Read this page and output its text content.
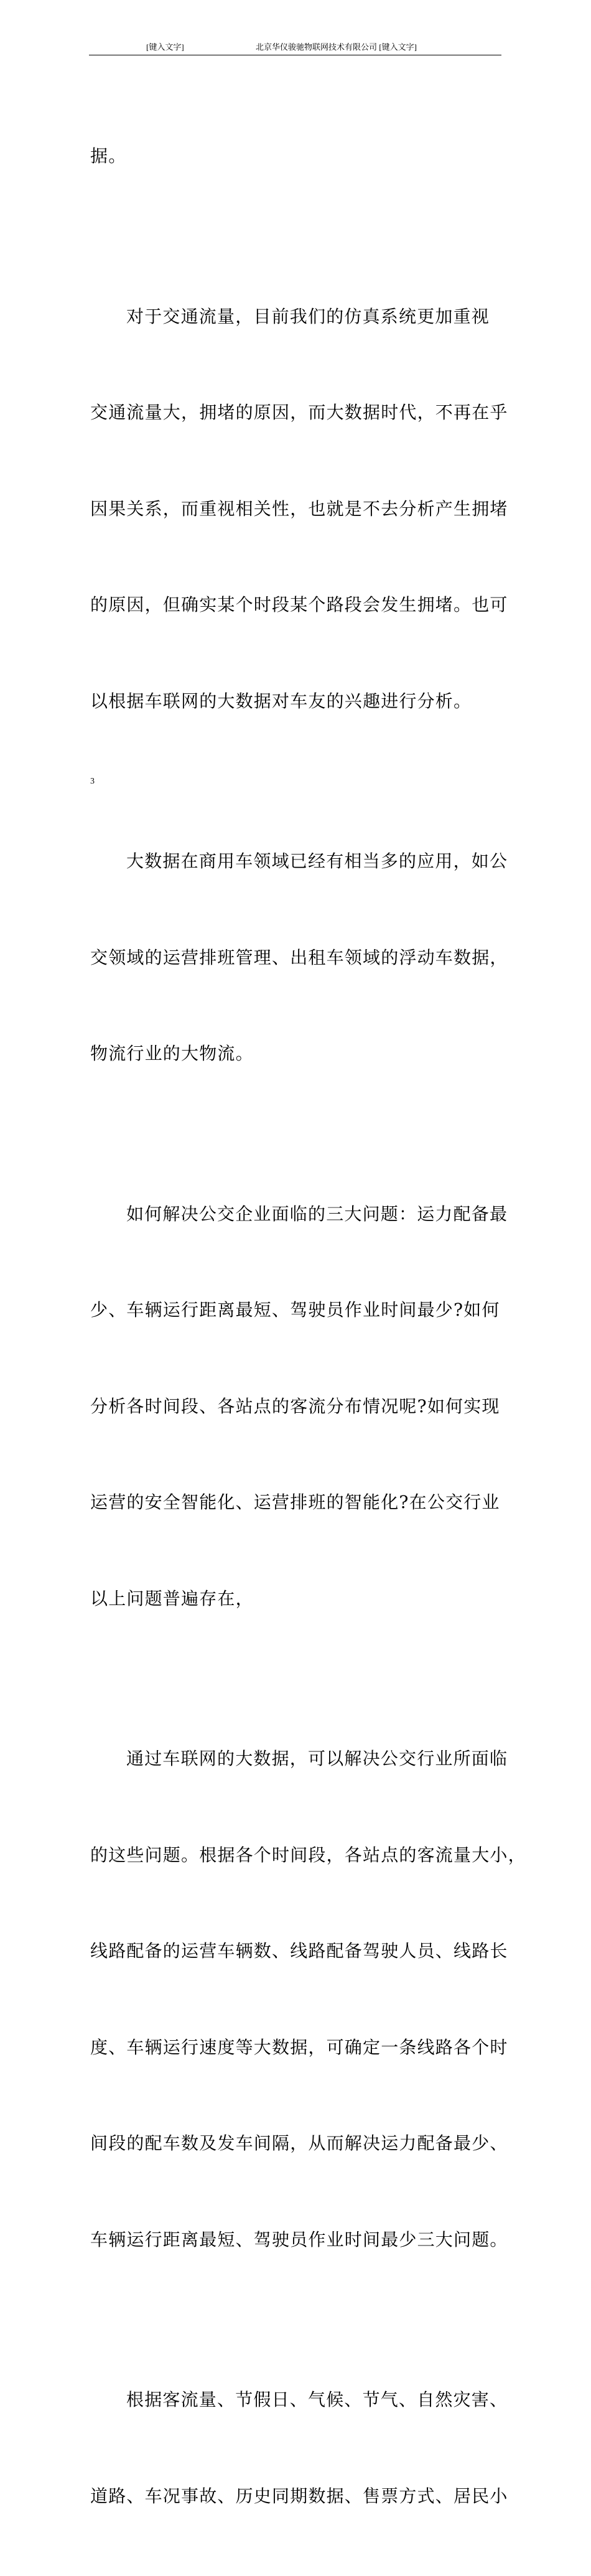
[键入文字]	北京华仪骏驰物联网技术有限公司 [键入文字]

据。

对于交通流量，目前我们的仿真系统更加重视

交通流量大，拥堵的原因，而大数据时代，不再在乎

因果关系，而重视相关性，也就是不去分析产生拥堵

的原因，但确实某个时段某个路段会发生拥堵。也可

以根据车联网的大数据对车友的兴趣进行分析。

大数据在商用车领域已经有相当多的应用，如公

交领域的运营排班管理、出租车领域的浮动车数据，

物流行业的大物流。

如何解决公交企业面临的三大问题：运力配备最

少、车辆运行距离最短、驾驶员作业时间最少?如何

分析各时间段、各站点的客流分布情况呢?如何实现

运营的安全智能化、运营排班的智能化?在公交行业

以上问题普遍存在，

通过车联网的大数据，可以解决公交行业所面临

的这些问题。根据各个时间段，各站点的客流量大小，

线路配备的运营车辆数、线路配备驾驶人员、线路长

度、车辆运行速度等大数据，可确定一条线路各个时

间段的配车数及发车间隔，从而解决运力配备最少、

车辆运行距离最短、驾驶员作业时间最少三大问题。

根据客流量、节假日、气候、节气、自然灾害、

道路、车况事故、历史同期数据、售票方式、居民小

3
